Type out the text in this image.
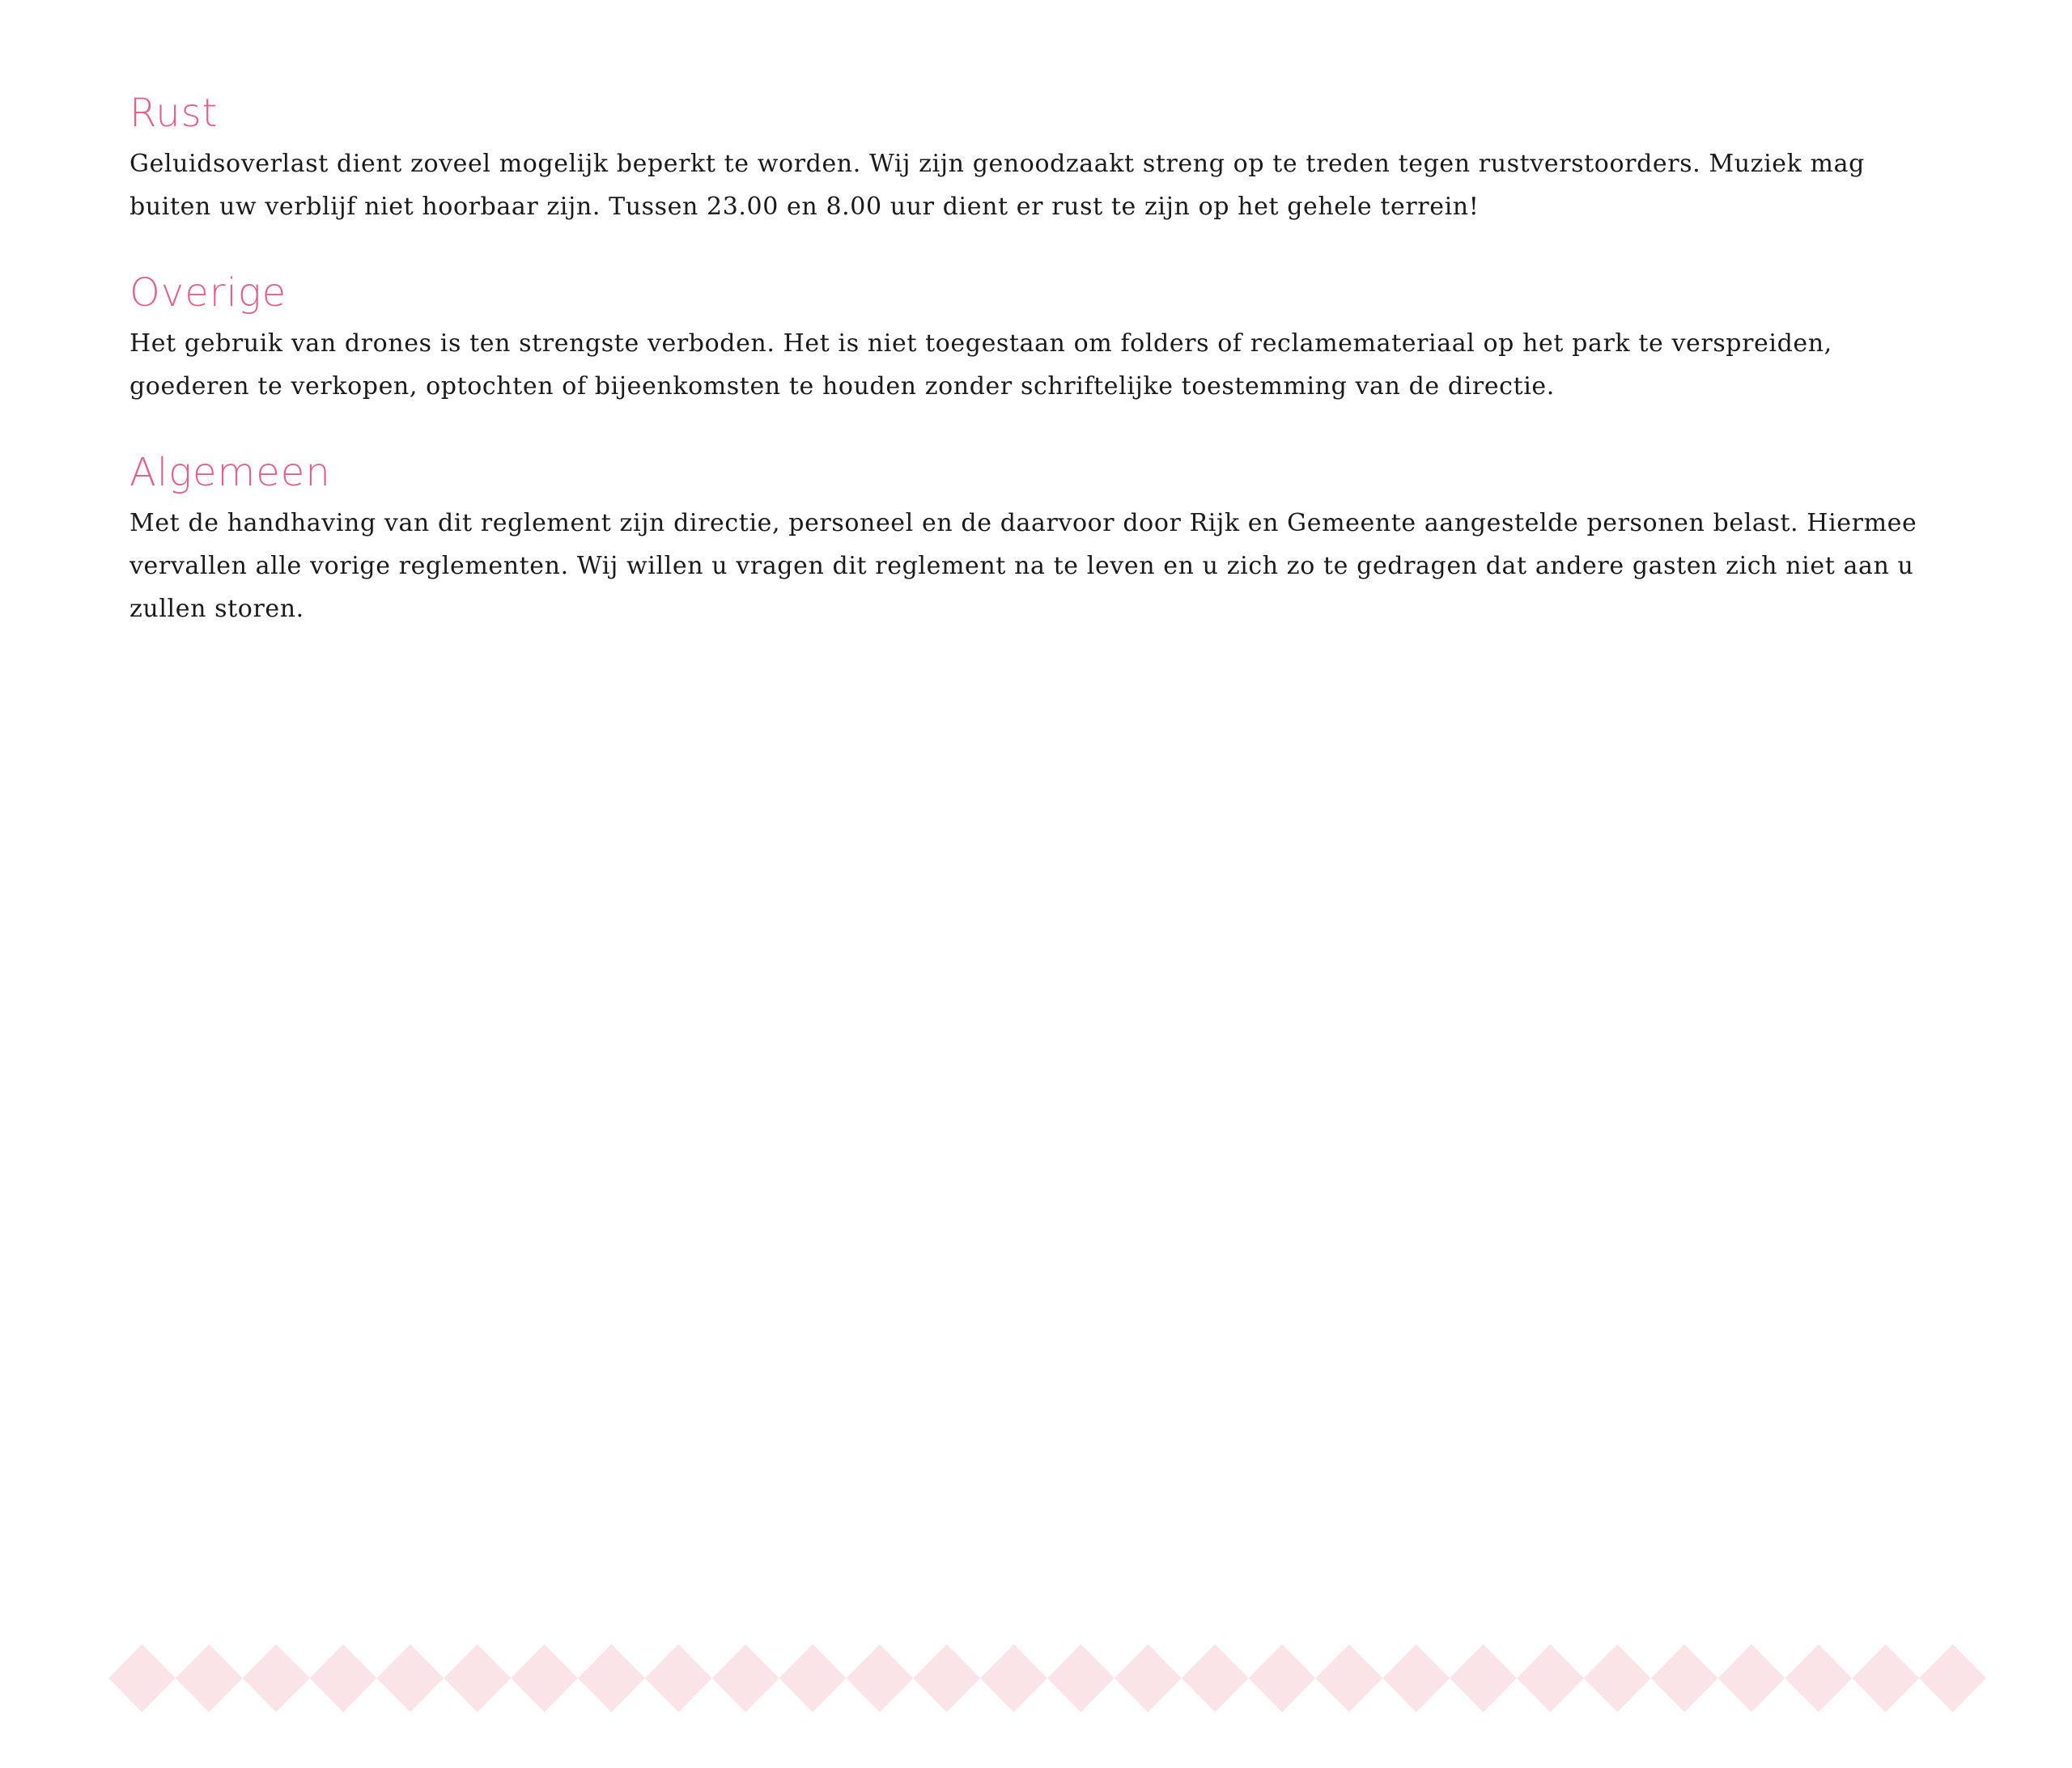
Rust

Geluidsoverlast dient zoveel mogelijk beperkt te worden. Wij zijn genoodzaakt streng op te treden tegen rustverstoorders. Muziek mag buiten uw verblijf niet hoorbaar zijn. Tussen 23.00 en 8.00 uur dient er rust te zijn op het gehele terrein!

Overige

Het gebruik van drones is ten strengste verboden. Het is niet toegestaan om folders of reclamemateriaal op het park te verspreiden, goederen te verkopen, optochten of bijeenkomsten te houden zonder schriftelijke toestemming van de directie.

Algemeen

Met de handhaving van dit reglement zijn directie, personeel en de daarvoor door Rijk en Gemeente aangestelde personen belast. Hiermee vervallen alle vorige reglementen. Wij willen u vragen dit reglement na te leven en u zich zo te gedragen dat andere gasten zich niet aan u zullen storen.
